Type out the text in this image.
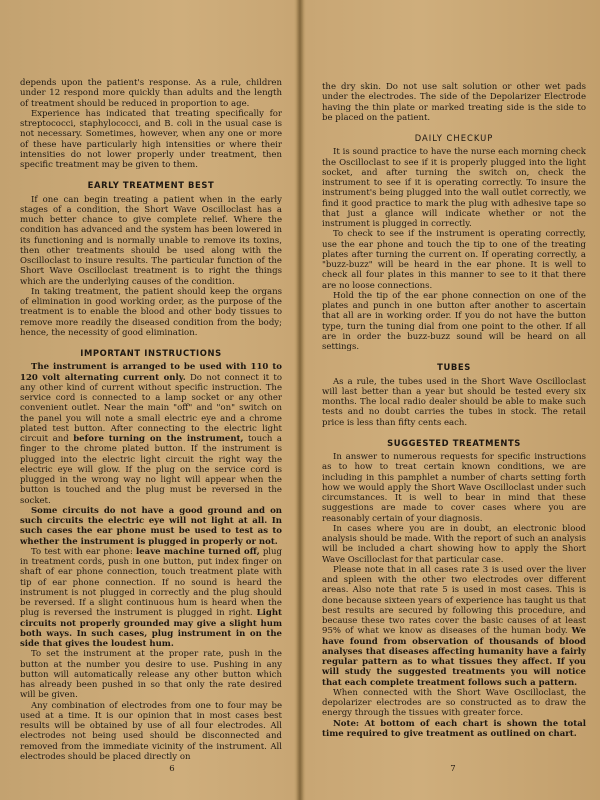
depends upon the patient's response. As a rule, children under 12 respond more quickly than adults and the length of treatment should be reduced in proportion to age.

Experience has indicated that treating specifically for streptococci, staphylococci, and B. coli in the usual case is not necessary. Sometimes, however, when any one or more of these have particularly high intensities or where their intensities do not lower properly under treatment, then specific treatment may be given to them.

EARLY TREATMENT BEST

If one can begin treating a patient when in the early stages of a condition, the Short Wave Oscilloclast has a much better chance to give complete relief. Where the condition has advanced and the system has been lowered in its functioning and is normally unable to remove its toxins, then other treatments should be used along with the Oscilloclast to insure results. The particular function of the Short Wave Oscilloclast treatment is to right the things which are the underlying causes of the condition.

In taking treatment, the patient should keep the organs of elimination in good working order, as the purpose of the treatment is to enable the blood and other body tissues to remove more readily the diseased condition from the body; hence, the necessity of good elimination.

IMPORTANT INSTRUCTIONS

The instrument is arranged to be used with 110 to 120 volt alternating current only. Do not connect it to any other kind of current without specific instruction. The service cord is connected to a lamp socket or any other convenient outlet. Near the main "off" and "on" switch on the panel you will note a small electric eye and a chrome plated test button. After connecting to the electric light circuit and before turning on the instrument, touch a finger to the chrome plated button. If the instrument is plugged into the electric light circuit the right way the electric eye will glow. If the plug on the service cord is plugged in the wrong way no light will appear when the button is touched and the plug must be reversed in the socket.

Some circuits do not have a good ground and on such circuits the electric eye will not light at all. In such cases the ear phone must be used to test as to whether the instrument is plugged in properly or not.

To test with ear phone: leave machine turned off, plug in treatment cords, push in one button, put index finger on shaft of ear phone connection, touch treatment plate with tip of ear phone connection. If no sound is heard the instrument is not plugged in correctly and the plug should be reversed. If a slight continuous hum is heard when the plug is reversed the instrument is plugged in right. Light circuits not properly grounded may give a slight hum both ways. In such cases, plug instrument in on the side that gives the loudest hum.

To set the instrument at the proper rate, push in the button at the number you desire to use. Pushing in any button will automatically release any other button which has already been pushed in so that only the rate desired will be given.

Any combination of electrodes from one to four may be used at a time. It is our opinion that in most cases best results will be obtained by use of all four electrodes. All electrodes not being used should be disconnected and removed from the immediate vicinity of the instrument. All electrodes should be placed directly on

6

the dry skin. Do not use salt solution or other wet pads under the electrodes. The side of the Depolarizer Electrode having the thin plate or marked treating side is the side to be placed on the patient.

DAILY CHECKUP

It is sound practice to have the nurse each morning check the Oscilloclast to see if it is properly plugged into the light socket, and after turning the switch on, check the instrument to see if it is operating correctly. To insure the instrument's being plugged into the wall outlet correctly, we find it good practice to mark the plug with adhesive tape so that just a glance will indicate whether or not the instrument is plugged in correctly.

To check to see if the instrument is operating correctly, use the ear phone and touch the tip to one of the treating plates after turning the current on. If operating correctly, a "buzz-buzz" will be heard in the ear phone. It is well to check all four plates in this manner to see to it that there are no loose connections.

Hold the tip of the ear phone connection on one of the plates and punch in one button after another to ascertain that all are in working order. If you do not have the button type, turn the tuning dial from one point to the other. If all are in order the buzz-buzz sound will be heard on all settings.

TUBES

As a rule, the tubes used in the Short Wave Oscilloclast will last better than a year but should be tested every six months. The local radio dealer should be able to make such tests and no doubt carries the tubes in stock. The retail price is less than fifty cents each.

SUGGESTED TREATMENTS

In answer to numerous requests for specific instructions as to how to treat certain known conditions, we are including in this pamphlet a number of charts setting forth how we would apply the Short Wave Oscilloclast under such circumstances. It is well to bear in mind that these suggestions are made to cover cases where you are reasonably certain of your diagnosis.

In cases where you are in doubt, an electronic blood analysis should be made. With the report of such an analysis will be included a chart showing how to apply the Short Wave Oscilloclast for that particular case.

Please note that in all cases rate 3 is used over the liver and spleen with the other two electrodes over different areas. Also note that rate 5 is used in most cases. This is done because sixteen years of experience has taught us that best results are secured by following this procedure, and because these two rates cover the basic causes of at least 95% of what we know as diseases of the human body. We have found from observation of thousands of blood analyses that diseases affecting humanity have a fairly regular pattern as to what tissues they affect. If you will study the suggested treatments you will notice that each complete treatment follows such a pattern.

When connected with the Short Wave Oscilloclast, the depolarizer electrodes are so constructed as to draw the energy through the tissues with greater force.

Note: At bottom of each chart is shown the total time required to give treatment as outlined on chart.

7
